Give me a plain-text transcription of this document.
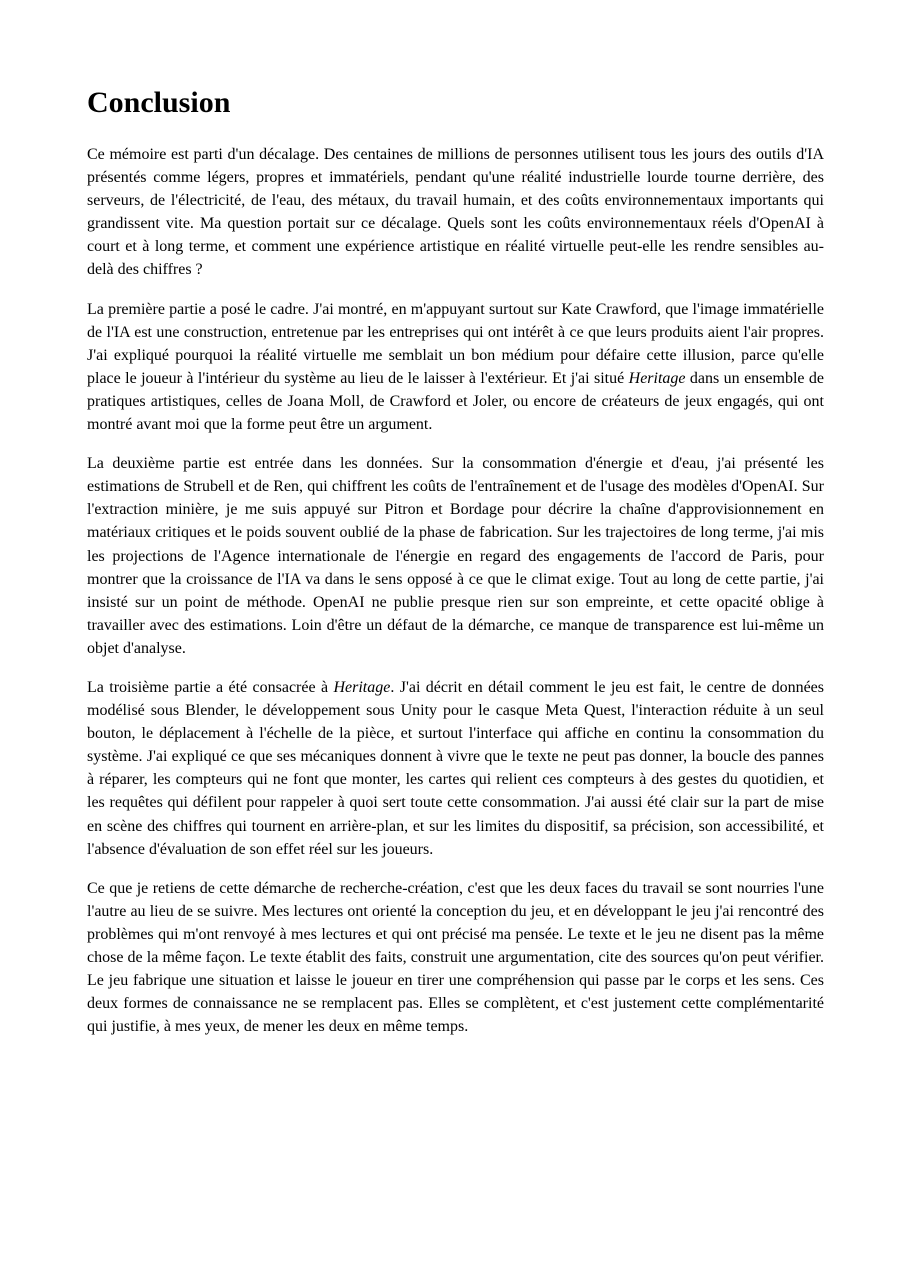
Conclusion

Ce mémoire est parti d'un décalage. Des centaines de millions de personnes utilisent tous les jours des outils d'IA présentés comme légers, propres et immatériels, pendant qu'une réalité industrielle lourde tourne derrière, des serveurs, de l'électricité, de l'eau, des métaux, du travail humain, et des coûts environnementaux importants qui grandissent vite. Ma question portait sur ce décalage. Quels sont les coûts environnementaux réels d'OpenAI à court et à long terme, et comment une expérience artistique en réalité virtuelle peut-elle les rendre sensibles au-delà des chiffres ?

La première partie a posé le cadre. J'ai montré, en m'appuyant surtout sur Kate Crawford, que l'image immatérielle de l'IA est une construction, entretenue par les entreprises qui ont intérêt à ce que leurs produits aient l'air propres. J'ai expliqué pourquoi la réalité virtuelle me semblait un bon médium pour défaire cette illusion, parce qu'elle place le joueur à l'intérieur du système au lieu de le laisser à l'extérieur. Et j'ai situé Heritage dans un ensemble de pratiques artistiques, celles de Joana Moll, de Crawford et Joler, ou encore de créateurs de jeux engagés, qui ont montré avant moi que la forme peut être un argument.

La deuxième partie est entrée dans les données. Sur la consommation d'énergie et d'eau, j'ai présenté les estimations de Strubell et de Ren, qui chiffrent les coûts de l'entraînement et de l'usage des modèles d'OpenAI. Sur l'extraction minière, je me suis appuyé sur Pitron et Bordage pour décrire la chaîne d'approvisionnement en matériaux critiques et le poids souvent oublié de la phase de fabrication. Sur les trajectoires de long terme, j'ai mis les projections de l'Agence internationale de l'énergie en regard des engagements de l'accord de Paris, pour montrer que la croissance de l'IA va dans le sens opposé à ce que le climat exige. Tout au long de cette partie, j'ai insisté sur un point de méthode. OpenAI ne publie presque rien sur son empreinte, et cette opacité oblige à travailler avec des estimations. Loin d'être un défaut de la démarche, ce manque de transparence est lui-même un objet d'analyse.

La troisième partie a été consacrée à Heritage. J'ai décrit en détail comment le jeu est fait, le centre de données modélisé sous Blender, le développement sous Unity pour le casque Meta Quest, l'interaction réduite à un seul bouton, le déplacement à l'échelle de la pièce, et surtout l'interface qui affiche en continu la consommation du système. J'ai expliqué ce que ses mécaniques donnent à vivre que le texte ne peut pas donner, la boucle des pannes à réparer, les compteurs qui ne font que monter, les cartes qui relient ces compteurs à des gestes du quotidien, et les requêtes qui défilent pour rappeler à quoi sert toute cette consommation. J'ai aussi été clair sur la part de mise en scène des chiffres qui tournent en arrière-plan, et sur les limites du dispositif, sa précision, son accessibilité, et l'absence d'évaluation de son effet réel sur les joueurs.

Ce que je retiens de cette démarche de recherche-création, c'est que les deux faces du travail se sont nourries l'une l'autre au lieu de se suivre. Mes lectures ont orienté la conception du jeu, et en développant le jeu j'ai rencontré des problèmes qui m'ont renvoyé à mes lectures et qui ont précisé ma pensée. Le texte et le jeu ne disent pas la même chose de la même façon. Le texte établit des faits, construit une argumentation, cite des sources qu'on peut vérifier. Le jeu fabrique une situation et laisse le joueur en tirer une compréhension qui passe par le corps et les sens. Ces deux formes de connaissance ne se remplacent pas. Elles se complètent, et c'est justement cette complémentarité qui justifie, à mes yeux, de mener les deux en même temps.
